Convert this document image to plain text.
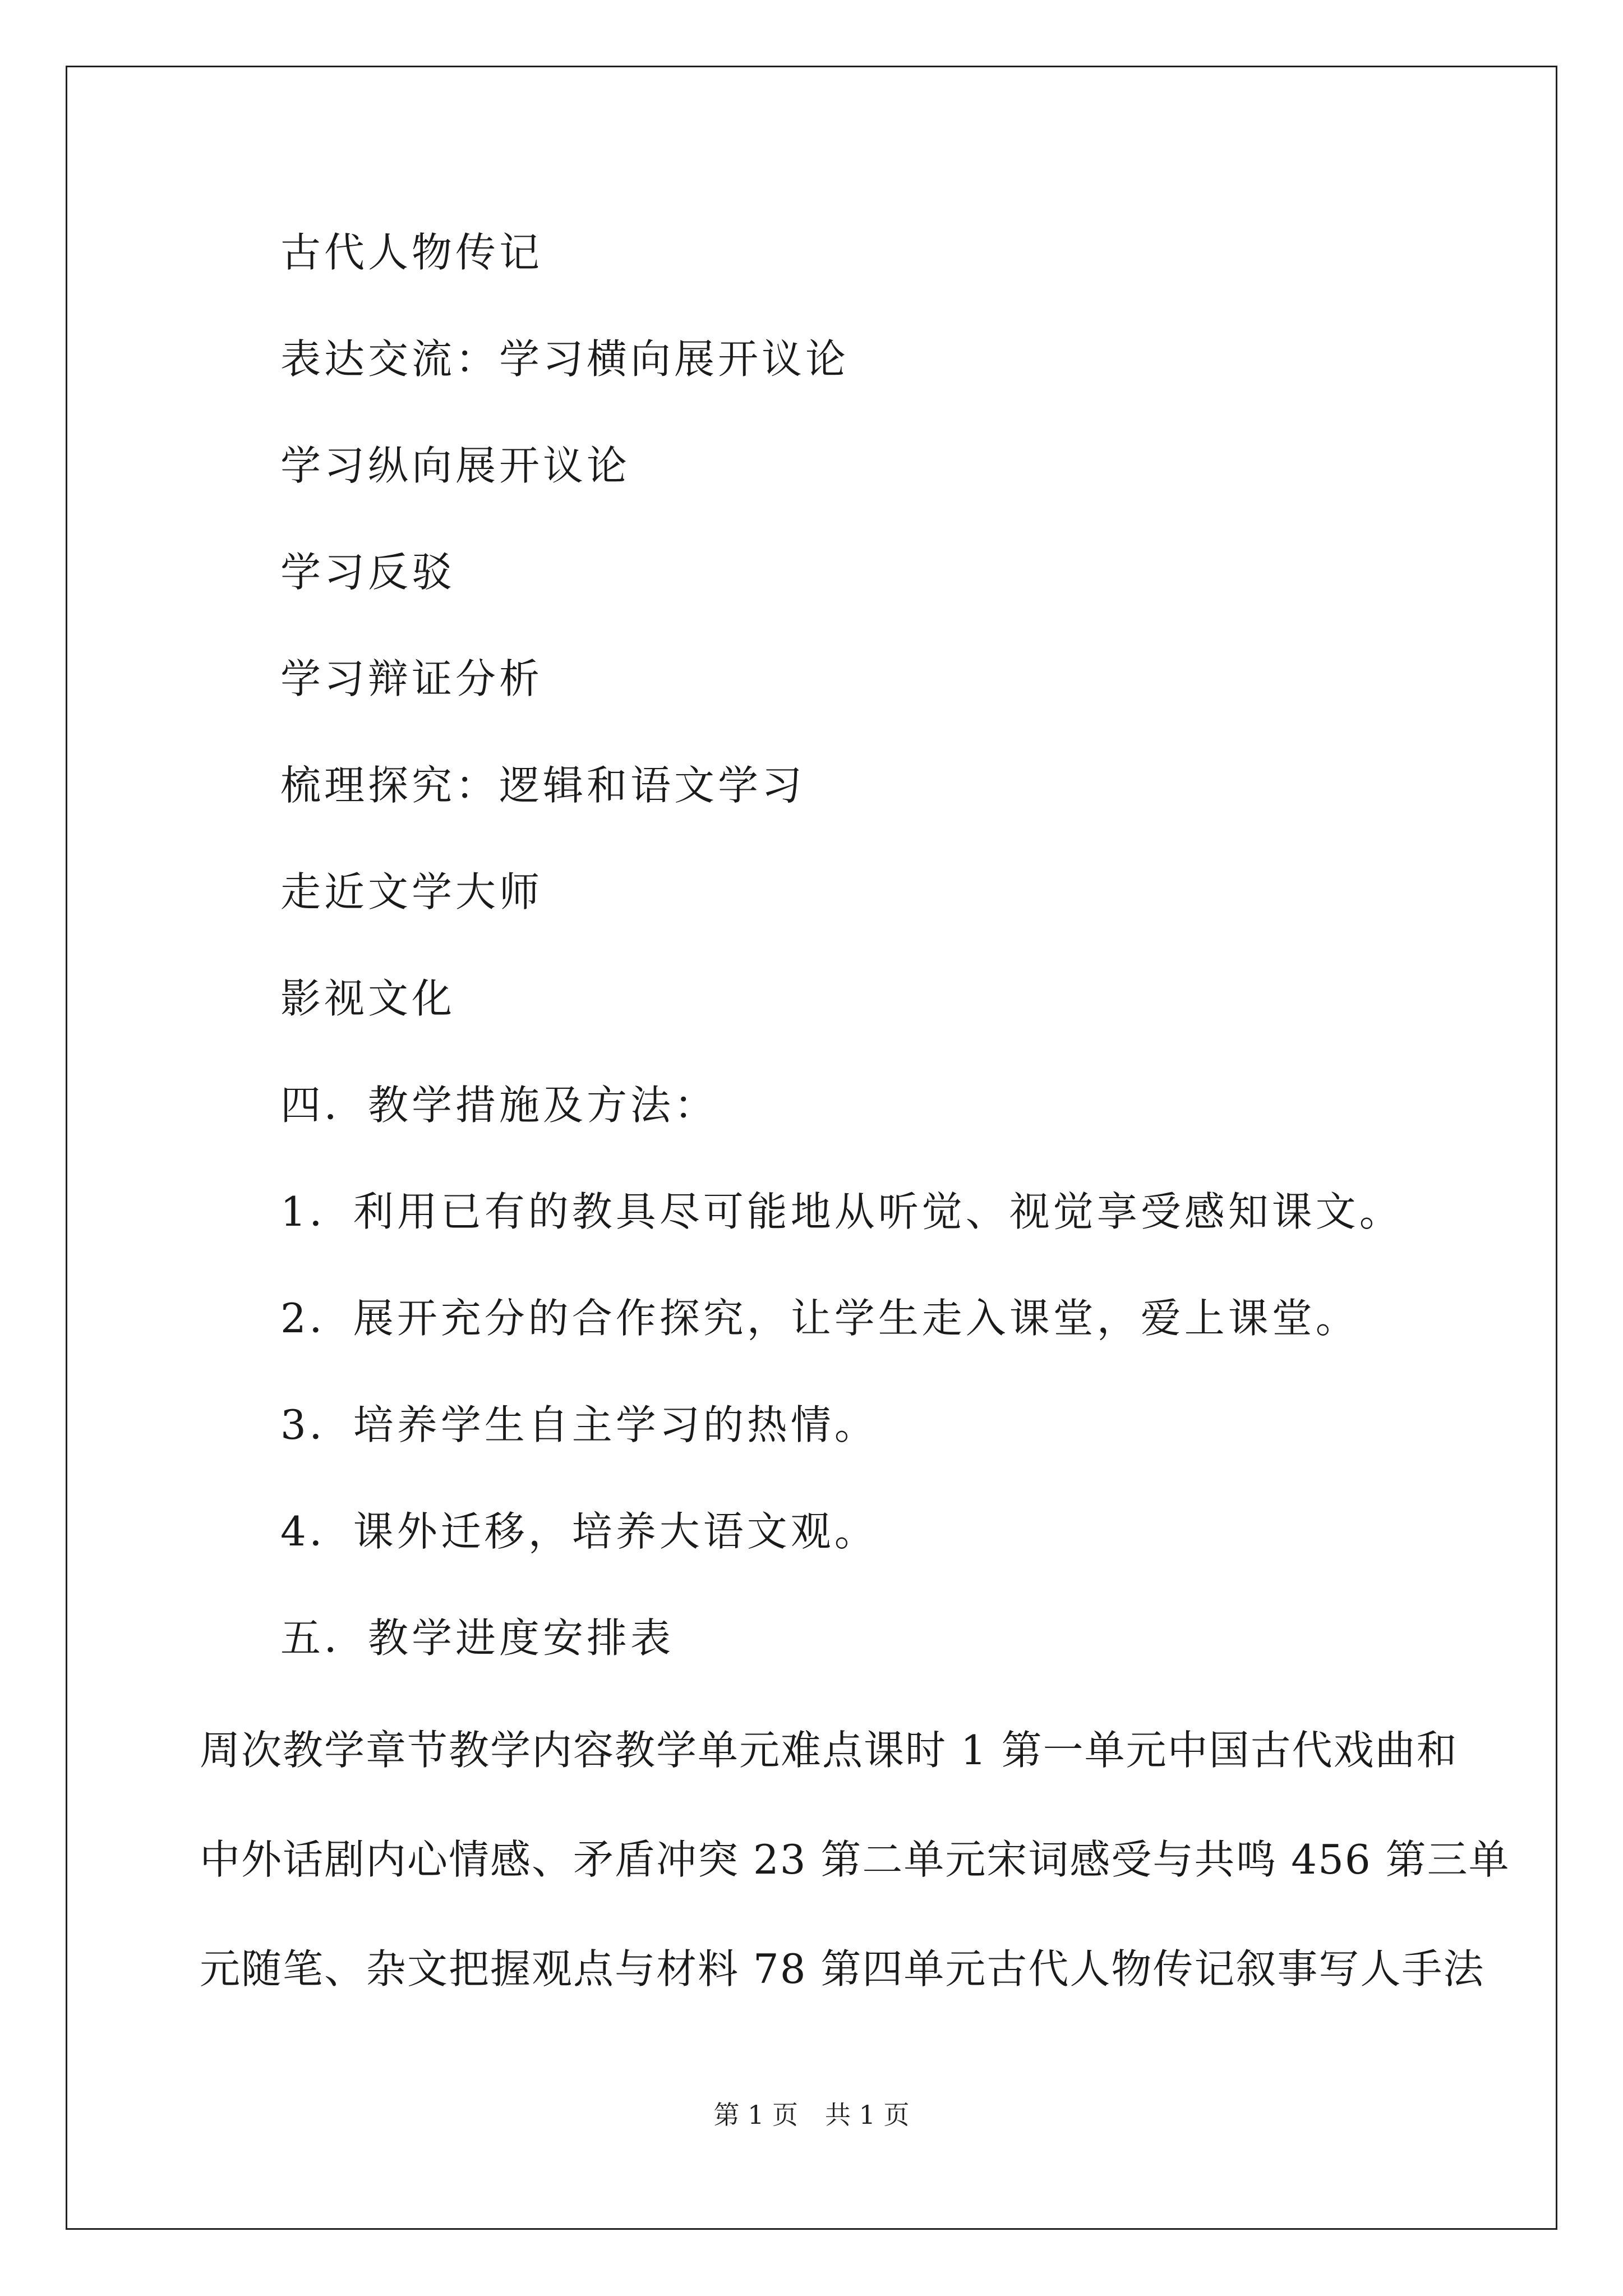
古代人物传记
表达交流：学习横向展开议论
学习纵向展开议论
学习反驳
学习辩证分析
梳理探究：逻辑和语文学习
走近文学大师
影视文化
四．教学措施及方法：
1．利用已有的教具尽可能地从听觉、视觉享受感知课文。
2．展开充分的合作探究，让学生走入课堂，爱上课堂。
3．培养学生自主学习的热情。
4．课外迁移，培养大语文观。
五．教学进度安排表
周次教学章节教学内容教学单元难点课时 1 第一单元中国古代戏曲和
中外话剧内心情感、矛盾冲突 23 第二单元宋词感受与共鸣 456 第三单
元随笔、杂文把握观点与材料 78 第四单元古代人物传记叙事写人手法
第 1 页 共 1 页
